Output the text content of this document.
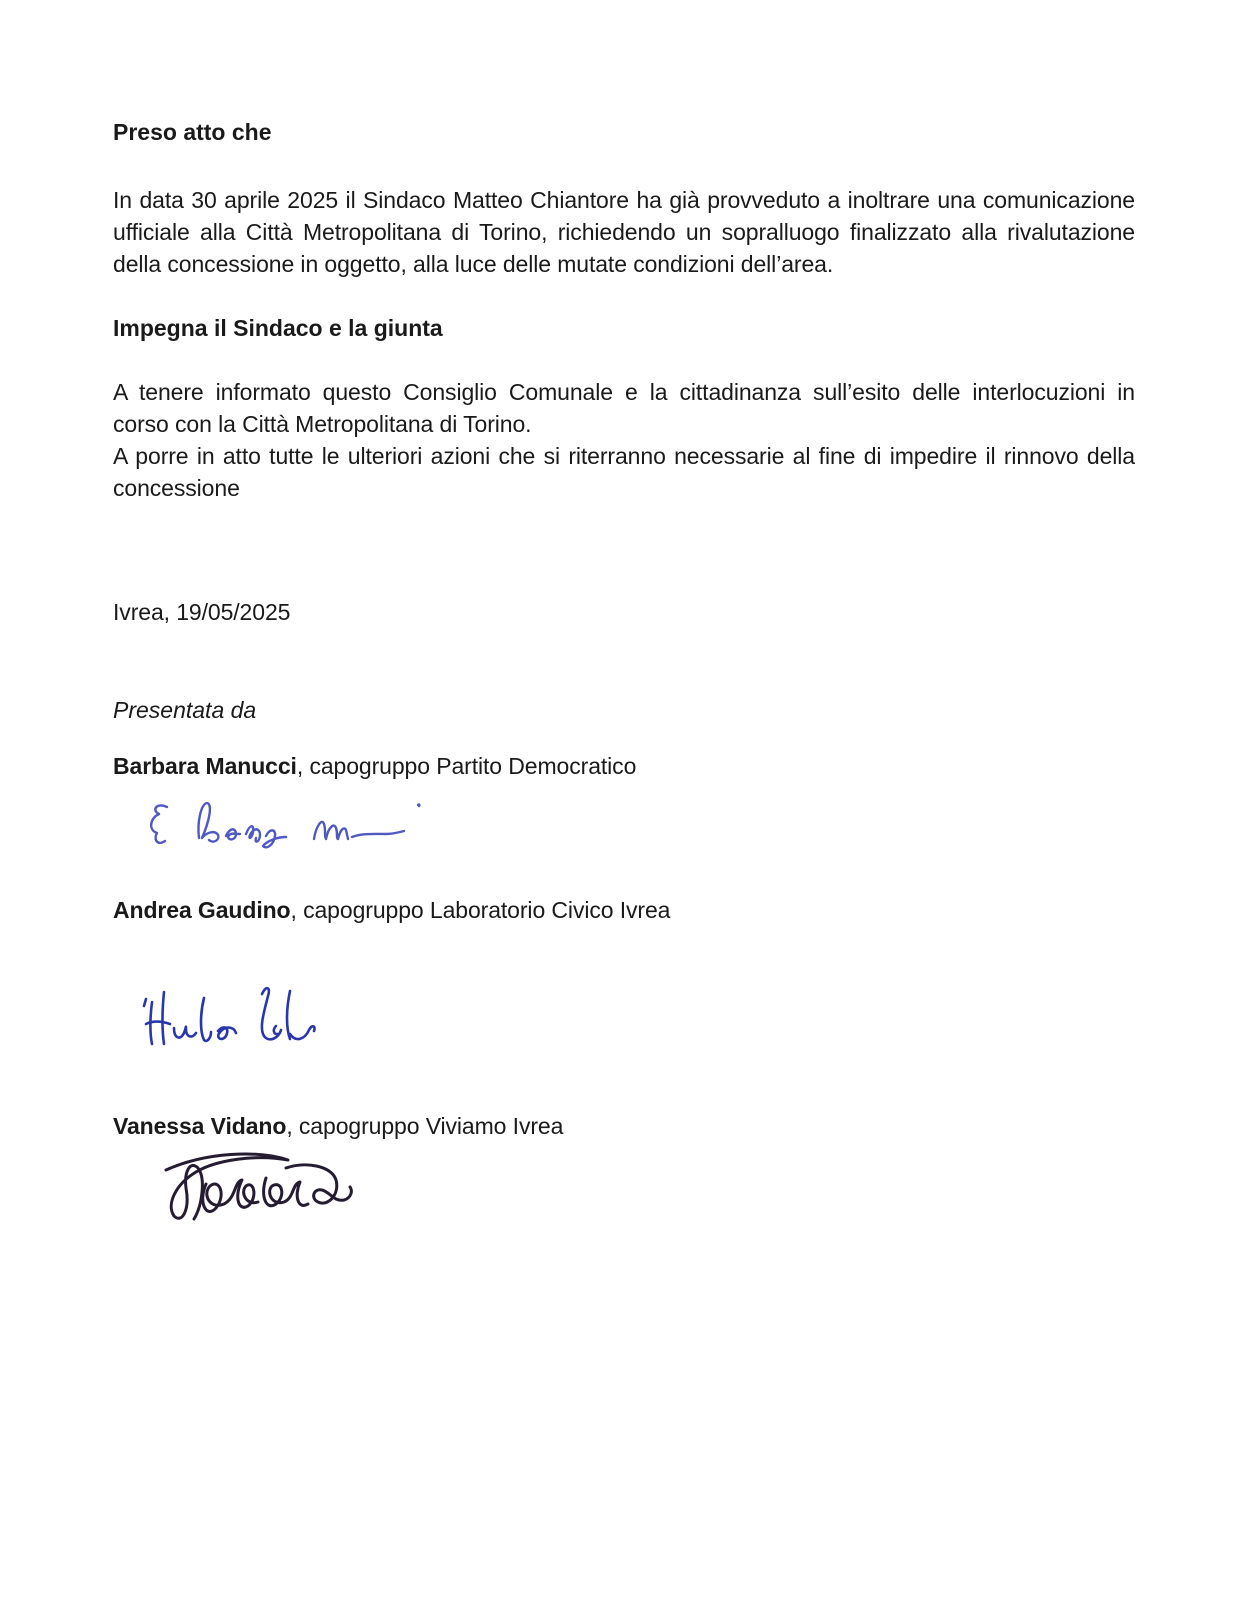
Preso atto che
In data 30 aprile 2025 il Sindaco Matteo Chiantore ha già provveduto a inoltrare una comunicazione
ufficiale alla Città Metropolitana di Torino, richiedendo un sopralluogo finalizzato alla rivalutazione
della concessione in oggetto, alla luce delle mutate condizioni dell’area.
Impegna il Sindaco e la giunta
A tenere informato questo Consiglio Comunale e la cittadinanza sull’esito delle interlocuzioni in
corso con la Città Metropolitana di Torino.
A porre in atto tutte le ulteriori azioni che si riterranno necessarie al fine di impedire il rinnovo della
concessione
Ivrea, 19/05/2025
Presentata da
Barbara Manucci, capogruppo Partito Democratico
Andrea Gaudino, capogruppo Laboratorio Civico Ivrea
Vanessa Vidano, capogruppo Viviamo Ivrea
